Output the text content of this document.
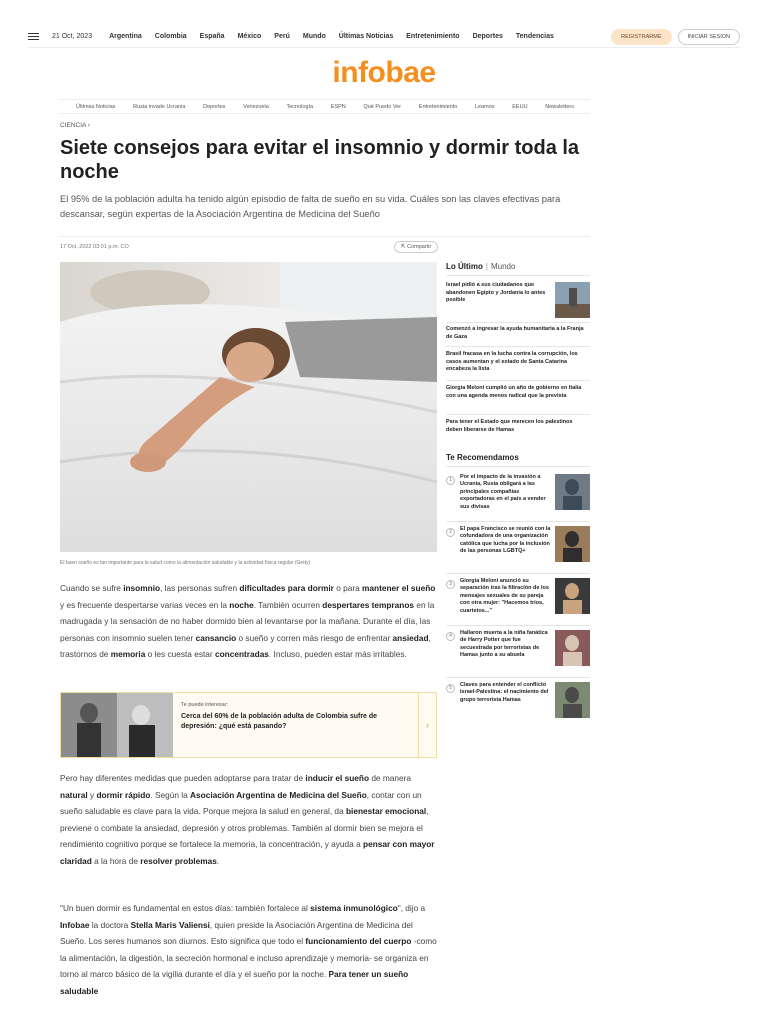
21 Oct, 2023 Argentina Colombia España México Perú Mundo Últimas Noticias Entretenimiento Deportes Tendencias	REGISTRARME	INICIAR SESION
infobae
Últimas Noticias	Rusia invade Ucrania	Deportes	Venezuela	Tecnología	ESPN	Qué Puedo Ver	Entretenimiento	Leamos	EEUU	Newsletters
CIENCIA ›
Siete consejos para evitar el insomnio y dormir toda la noche

El 95% de la población adulta ha tenido algún episodio de falta de sueño en su vida. Cuáles son las claves efectivas para descansar, según expertas de la Asociación Argentina de Medicina del Sueño

17 Oct, 2022 03:01 p.m. CO	⇱ Compartir
El buen sueño es tan importante para la salud como la alimentación saludable y la actividad física regular (Getty)

Cuando se sufre insomnio, las personas sufren dificultades para dormir o para mantener el sueño y es frecuente despertarse varias veces en la noche. También ocurren despertares tempranos en la madrugada y la sensación de no haber dormido bien al levantarse por la mañana. Durante el día, las personas con insomnio suelen tener cansancio o sueño y corren más riesgo de enfrentar ansiedad, trastornos de memoria o les cuesta estar concentradas. Incluso, pueden estar más irritables.

Te puede interesar:
Cerca del 60% de la población adulta de Colombia sufre de depresión: ¿qué está pasando?	›

Pero hay diferentes medidas que pueden adoptarse para tratar de inducir el sueño de manera natural y dormir rápido. Según la Asociación Argentina de Medicina del Sueño, contar con un sueño saludable es clave para la vida. Porque mejora la salud en general, da bienestar emocional, previene o combate la ansiedad, depresión y otros problemas. También al dormir bien se mejora el rendimiento cognitivo porque se fortalece la memoria, la concentración, y ayuda a pensar con mayor claridad a la hora de resolver problemas.

"Un buen dormir es fundamental en estos días: también fortalece al sistema inmunológico", dijo a Infobae la doctora Stella Maris Valiensi, quien preside la Asociación Argentina de Medicina del Sueño. Los seres humanos son diurnos. Esto significa que todo el funcionamiento del cuerpo -como la alimentación, la digestión, la secreción hormonal e incluso aprendizaje y memoria- se organiza en torno al marco básico de la vigilia durante el día y el sueño por la noche. Para tener un sueño saludable

Lo Último | Mundo
Israel pidió a sus ciudadanos que abandonen Egipto y Jordania lo antes posible
Comenzó a ingresar la ayuda humanitaria a la Franja de Gaza
Brasil fracasa en la lucha contra la corrupción, los casos aumentan y el estado de Santa Catarina encabeza la lista
Giorgia Meloni cumplió un año de gobierno en Italia con una agenda menos radical que la prevista
Para tener el Estado que merecen los palestinos deben liberarse de Hamas
Te Recomendamos
1	Por el impacto de la invasión a Ucrania, Rusia obligará a las principales compañías exportadoras en el país a vender sus divisas
2	El papa Francisco se reunió con la cofundadora de una organización católica que lucha por la inclusión de las personas LGBTQ+
3	Giorgia Meloni anunció su separación tras la filtración de los mensajes sexuales de su pareja con otra mujer: "Hacemos tríos, cuartetos..."
4	Hallaron muerta a la niña fanática de Harry Potter que fue secuestrada por terroristas de Hamas junto a su abuela
5	Claves para entender el conflicto Israel-Palestina: el nacimiento del grupo terrorista Hamas
